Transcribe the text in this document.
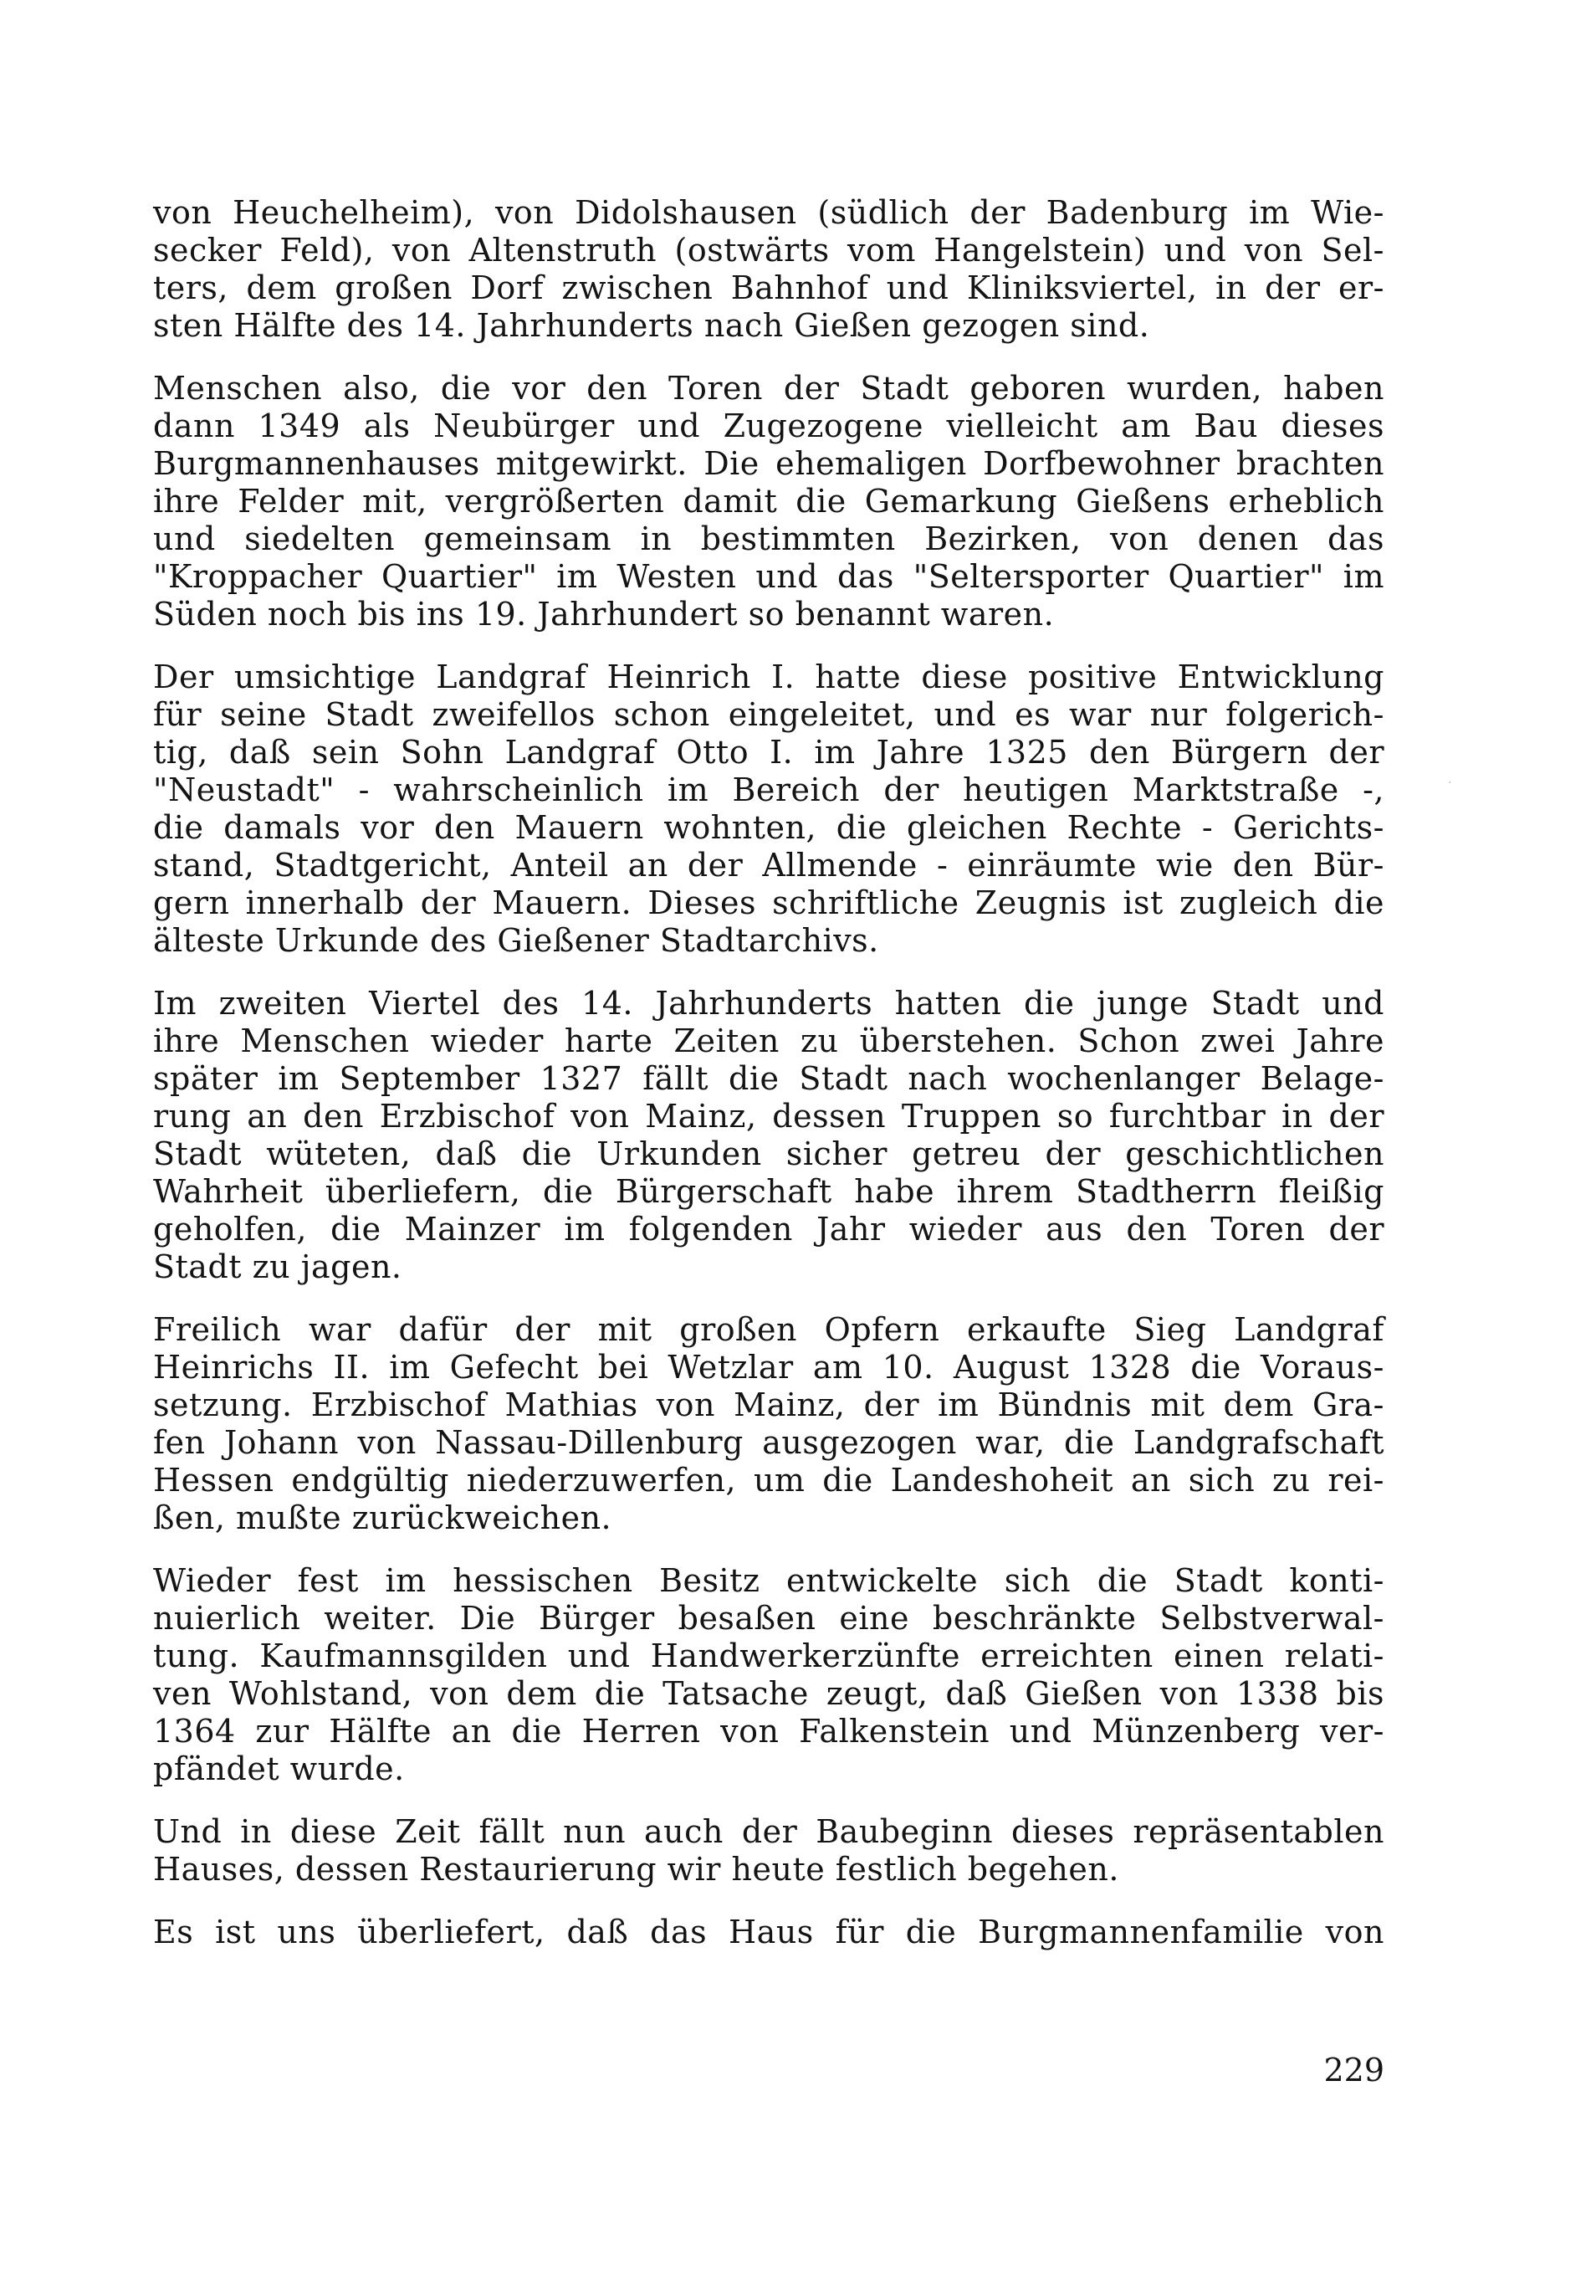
von Heuchelheim), von Didolshausen (südlich der Badenburg im Wie-
secker Feld), von Altenstruth (ostwärts vom Hangelstein) und von Sel-
ters, dem großen Dorf zwischen Bahnhof und Kliniksviertel, in der er-
sten Hälfte des 14. Jahrhunderts nach Gießen gezogen sind.
Menschen also, die vor den Toren der Stadt geboren wurden, haben
dann 1349 als Neubürger und Zugezogene vielleicht am Bau dieses
Burgmannenhauses mitgewirkt. Die ehemaligen Dorfbewohner brachten
ihre Felder mit, vergrößerten damit die Gemarkung Gießens erheblich
und siedelten gemeinsam in bestimmten Bezirken, von denen das
"Kroppacher Quartier" im Westen und das "Seltersporter Quartier" im
Süden noch bis ins 19. Jahrhundert so benannt waren.
Der umsichtige Landgraf Heinrich I. hatte diese positive Entwicklung
für seine Stadt zweifellos schon eingeleitet, und es war nur folgerich-
tig, daß sein Sohn Landgraf Otto I. im Jahre 1325 den Bürgern der
"Neustadt" - wahrscheinlich im Bereich der heutigen Marktstraße -,
die damals vor den Mauern wohnten, die gleichen Rechte - Gerichts-
stand, Stadtgericht, Anteil an der Allmende - einräumte wie den Bür-
gern innerhalb der Mauern. Dieses schriftliche Zeugnis ist zugleich die
älteste Urkunde des Gießener Stadtarchivs.
Im zweiten Viertel des 14. Jahrhunderts hatten die junge Stadt und
ihre Menschen wieder harte Zeiten zu überstehen. Schon zwei Jahre
später im September 1327 fällt die Stadt nach wochenlanger Belage-
rung an den Erzbischof von Mainz, dessen Truppen so furchtbar in der
Stadt wüteten, daß die Urkunden sicher getreu der geschichtlichen
Wahrheit überliefern, die Bürgerschaft habe ihrem Stadtherrn fleißig
geholfen, die Mainzer im folgenden Jahr wieder aus den Toren der
Stadt zu jagen.
Freilich war dafür der mit großen Opfern erkaufte Sieg Landgraf
Heinrichs II. im Gefecht bei Wetzlar am 10. August 1328 die Voraus-
setzung. Erzbischof Mathias von Mainz, der im Bündnis mit dem Gra-
fen Johann von Nassau-Dillenburg ausgezogen war, die Landgrafschaft
Hessen endgültig niederzuwerfen, um die Landeshoheit an sich zu rei-
ßen, mußte zurückweichen.
Wieder fest im hessischen Besitz entwickelte sich die Stadt konti-
nuierlich weiter. Die Bürger besaßen eine beschränkte Selbstverwal-
tung. Kaufmannsgilden und Handwerkerzünfte erreichten einen relati-
ven Wohlstand, von dem die Tatsache zeugt, daß Gießen von 1338 bis
1364 zur Hälfte an die Herren von Falkenstein und Münzenberg ver-
pfändet wurde.
Und in diese Zeit fällt nun auch der Baubeginn dieses repräsentablen
Hauses, dessen Restaurierung wir heute festlich begehen.
Es ist uns überliefert, daß das Haus für die Burgmannenfamilie von
229
·
